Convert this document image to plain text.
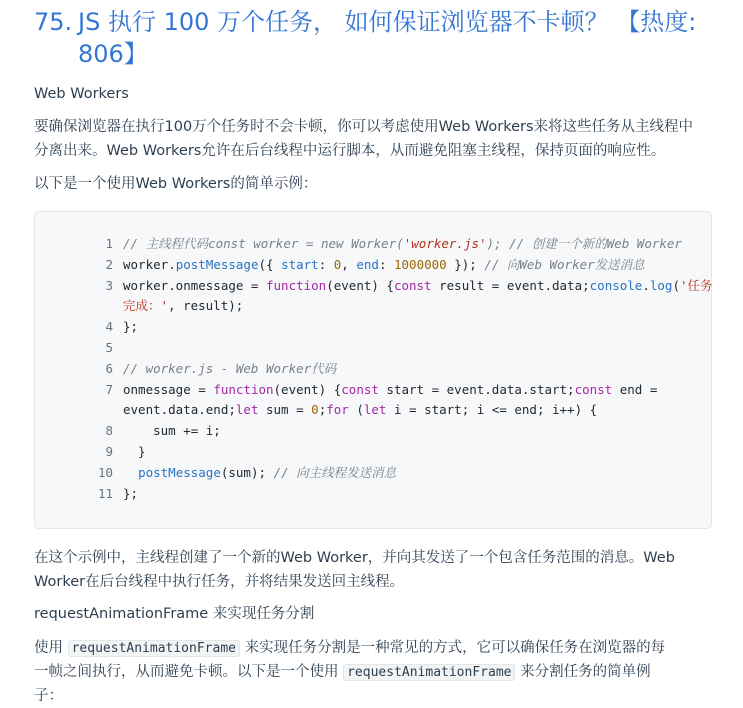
75. JS 执行 100 万个任务， 如何保证浏览器不卡顿？ 【热度:
806】

Web Workers

要确保浏览器在执行100万个任务时不会卡顿，你可以考虑使用Web Workers来将这些任务从主线程中

分离出来。Web Workers允许在后台线程中运行脚本，从而避免阻塞主线程，保持页面的响应性。

以下是一个使用Web Workers的简单示例：

1 // 主线程代码const worker = new Worker('worker.js'); // 创建一个新的Web Worker
2 worker.postMessage({ start: 0, end: 1000000 }); // 向Web Worker发送消息
3 worker.onmessage = function(event) {const result = event.data;console.log('任务
完成：', result);
4 };
5
6 // worker.js - Web Worker代码
7 onmessage = function(event) {const start = event.data.start;const end =
event.data.end;let sum = 0;for (let i = start; i <= end; i++) {
8 sum += i;
9 }
10	postMessage(sum); // 向主线程发送消息
11 };

在这个示例中，主线程创建了一个新的Web Worker，并向其发送了一个包含任务范围的消息。Web

Worker在后台线程中执行任务，并将结果发送回主线程。

requestAnimationFrame 来实现任务分割

使用 requestAnimationFrame 来实现任务分割是一种常见的方式，它可以确保任务在浏览器的每

一帧之间执行，从而避免卡顿。以下是一个使用 requestAnimationFrame 来分割任务的简单例

子：
